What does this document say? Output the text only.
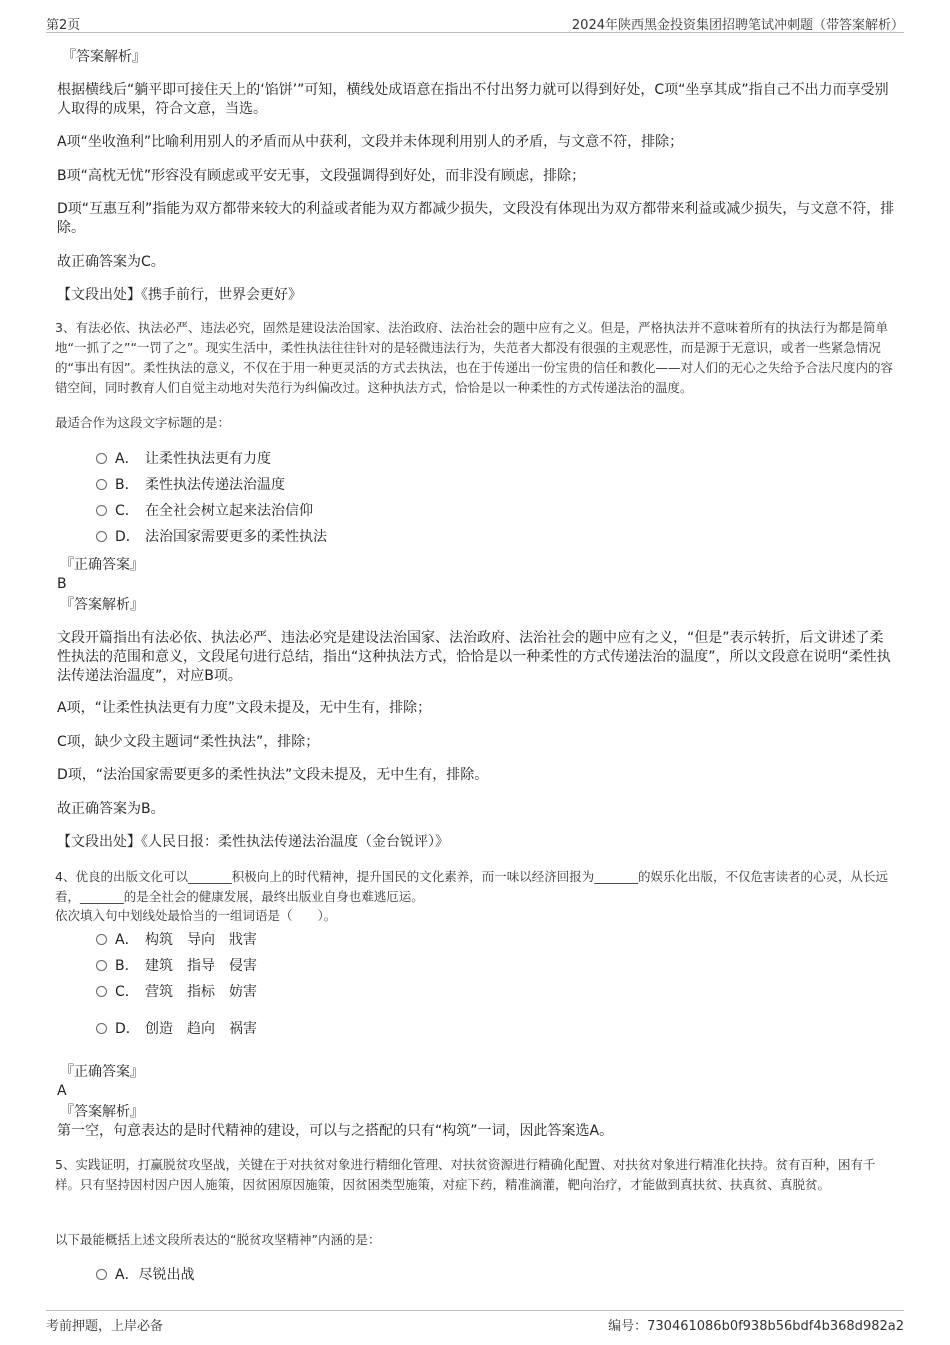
第2页	2024年陕西黑金投资集团招聘笔试冲刺题（带答案解析）
『答案解析』
根据横线后“躺平即可接住天上的‘馅饼’”可知，横线处成语意在指出不付出努力就可以得到好处，C项“坐享其成”指自己不出力而享受别人取得的成果，符合文意，当选。
A项“坐收渔利”比喻利用别人的矛盾而从中获利，文段并未体现利用别人的矛盾，与文意不符，排除；
B项“高枕无忧”形容没有顾虑或平安无事，文段强调得到好处，而非没有顾虑，排除；
D项“互惠互利”指能为双方都带来较大的利益或者能为双方都减少损失，文段没有体现出为双方都带来利益或减少损失，与文意不符，排除。
故正确答案为C。
【文段出处】《携手前行，世界会更好》
3、有法必依、执法必严、违法必究，固然是建设法治国家、法治政府、法治社会的题中应有之义。但是，严格执法并不意味着所有的执法行为都是简单地“一抓了之”“一罚了之”。现实生活中，柔性执法往往针对的是轻微违法行为，失范者大都没有很强的主观恶性，而是源于无意识，或者一些紧急情况的“事出有因”。柔性执法的意义，不仅在于用一种更灵活的方式去执法，也在于传递出一份宝贵的信任和教化——对人们的无心之失给予合法尺度内的容错空间，同时教育人们自觉主动地对失范行为纠偏改过。这种执法方式，恰恰是以一种柔性的方式传递法治的温度。
最适合作为这段文字标题的是：
A． 让柔性执法更有力度
B． 柔性执法传递法治温度
C． 在全社会树立起来法治信仰
D． 法治国家需要更多的柔性执法
『正确答案』
B
『答案解析』
文段开篇指出有法必依、执法必严、违法必究是建设法治国家、法治政府、法治社会的题中应有之义，“但是”表示转折，后文讲述了柔性执法的范围和意义，文段尾句进行总结，指出“这种执法方式，恰恰是以一种柔性的方式传递法治的温度”，所以文段意在说明“柔性执法传递法治温度”，对应B项。
A项，“让柔性执法更有力度”文段未提及，无中生有，排除；
C项，缺少文段主题词“柔性执法”，排除；
D项，“法治国家需要更多的柔性执法”文段未提及，无中生有，排除。
故正确答案为B。
【文段出处】《人民日报：柔性执法传递法治温度（金台锐评）》
4、优良的出版文化可以_______积极向上的时代精神，提升国民的文化素养，而一味以经济回报为_______的娱乐化出版，不仅危害读者的心灵，从长远看，_______的是全社会的健康发展，最终出版业自身也难逃厄运。
依次填入句中划线处最恰当的一组词语是（　　）。
A． 构筑 导向 戕害
B． 建筑 指导 侵害
C． 营筑 指标 妨害
D． 创造 趋向 祸害
『正确答案』
A
『答案解析』
第一空，句意表达的是时代精神的建设，可以与之搭配的只有“构筑”一词，因此答案选A。
5、实践证明，打赢脱贫攻坚战，关键在于对扶贫对象进行精细化管理、对扶贫资源进行精确化配置、对扶贫对象进行精准化扶持。贫有百种，困有千样。只有坚持因村因户因人施策，因贫困原因施策，因贫困类型施策，对症下药，精准滴灌，靶向治疗，才能做到真扶贫、扶真贫、真脱贫。
以下最能概括上述文段所表达的“脱贫攻坚精神”内涵的是：
A．尽锐出战
考前押题，上岸必备	编号：730461086b0f938b56bdf4b368d982a2
